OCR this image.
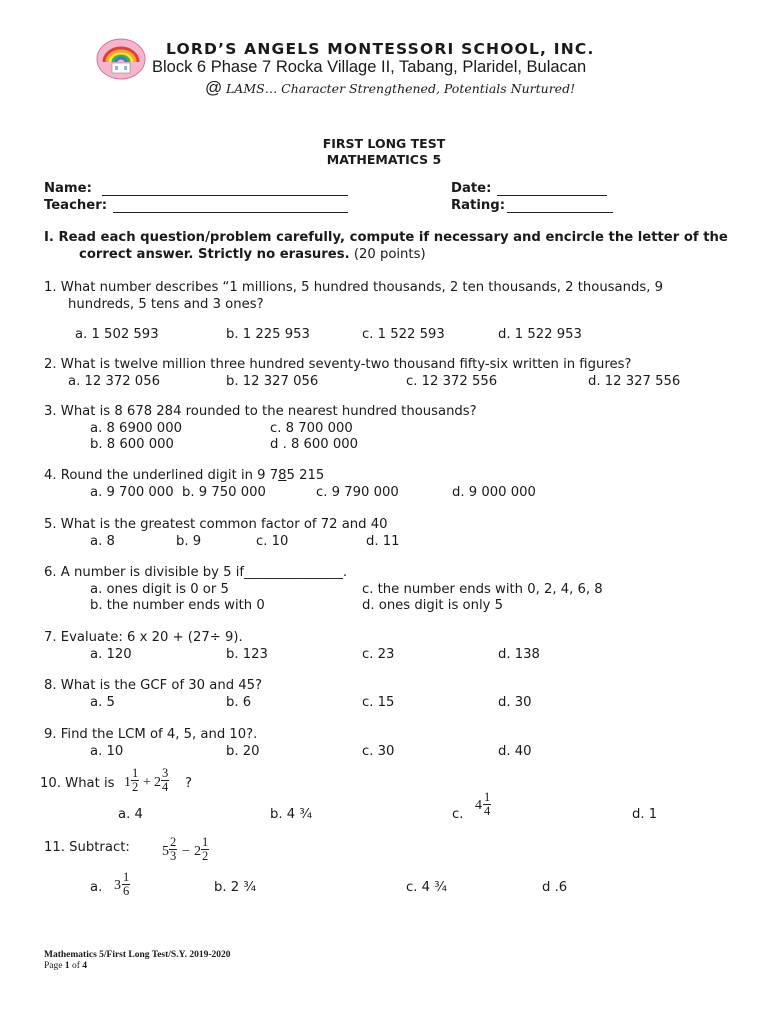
LORD’S ANGELS MONTESSORI SCHOOL, INC.
Block 6 Phase 7 Rocka Village II, Tabang, Plaridel, Bulacan
@ LAMS… Character Strengthened, Potentials Nurtured!
FIRST LONG TEST
MATHEMATICS 5
Name:	Date:
Teacher:	Rating:
I. Read each question/problem carefully, compute if necessary and encircle the letter of the
correct answer. Strictly no erasures. (20 points)
1. What number describes “1 millions, 5 hundred thousands, 2 ten thousands, 2 thousands, 9
hundreds, 5 tens and 3 ones?
a. 1 502 593	b. 1 225 953	c. 1 522 593	d. 1 522 953
2. What is twelve million three hundred seventy-two thousand fifty-six written in figures?
a. 12 372 056	b. 12 327 056	c. 12 372 556	d. 12 327 556
3. What is 8 678 284 rounded to the nearest hundred thousands?
a. 8 6900 000	c. 8 700 000
b. 8 600 000	d . 8 600 000
4. Round the underlined digit in 9 785 215
a. 9 700 000 b. 9 750 000	c. 9 790 000	d. 9 000 000
5. What is the greatest common factor of 72 and 40
a. 8	b. 9	c. 10	d. 11
6. A number is divisible by 5 if_______________.
a. ones digit is 0 or 5	c. the number ends with 0, 2, 4, 6, 8
b. the number ends with 0	d. ones digit is only 5
7. Evaluate: 6 x 20 + (27÷ 9).
a. 120	b. 123	c. 23	d. 138
8. What is the GCF of 30 and 45?
a. 5	b. 6	c. 15	d. 30
9. Find the LCM of 4, 5, and 10?.
a. 10	b. 20	c. 30	d. 40
10. What is $1 \frac{1}{2} + 2 \frac{3}{4}$ ?
a. 4	b. 4 ¾	c.
$4 \frac{1}{4}$	d. 1
11. Subtract: $5 \frac{2}{3} - 2 \frac{1}{2}$
a. $3 \frac{1}{6}$	b. 2 ¾	c. 4 ¾	d .6
Mathematics 5/First Long Test/S.Y. 2019-2020
Page 1 of 4
